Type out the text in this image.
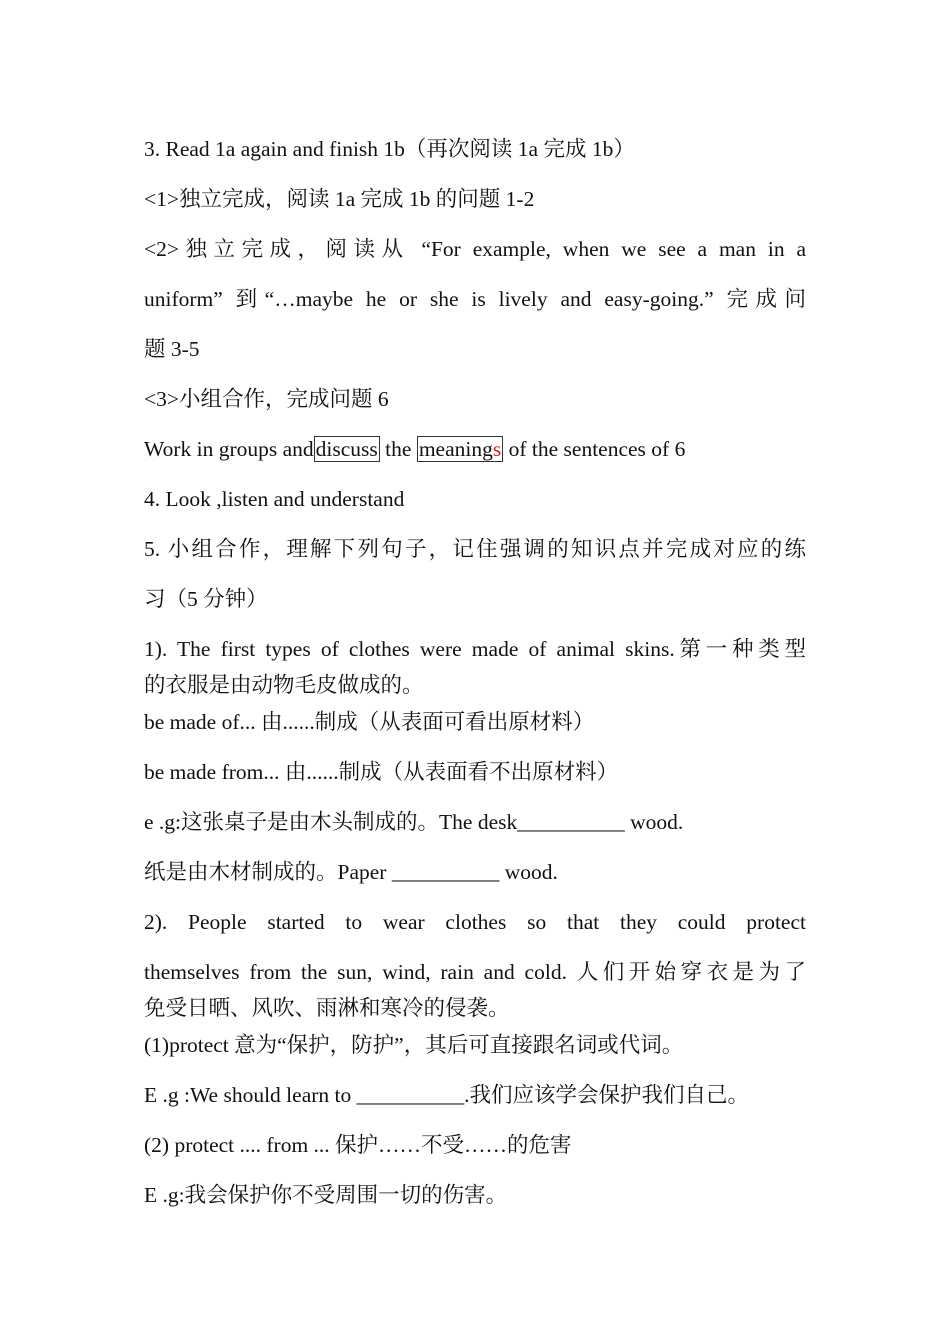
3. Read 1a again and finish 1b（再次阅读 1a 完成 1b）
<1>独立完成，阅读 1a 完成 1b 的问题 1-2
<2>独立完成，阅读从 “For example, when we see a man in a
uniform” 到“…maybe he or she is lively and easy-going.” 完成问
题 3-5
<3>小组合作，完成问题 6
Work in groups anddiscuss the meanings of the sentences of 6
4. Look ,listen and understand
5. 小组合作，理解下列句子，记住强调的知识点并完成对应的练
习（5 分钟）
1). The first types of clothes were made of animal skins.第一种类型
的衣服是由动物毛皮做成的。
be made of... 由......制成（从表面可看出原材料）
be made from... 由......制成（从表面看不出原材料）
e .g:这张桌子是由木头制成的。The desk__________ wood.
纸是由木材制成的。Paper __________ wood.
2). People started to wear clothes so that they could protect
themselves from the sun, wind, rain and cold. 人们开始穿衣是为了
免受日晒、风吹、雨淋和寒冷的侵袭。
(1)protect 意为“保护，防护”，其后可直接跟名词或代词。
E .g :We should learn to __________.我们应该学会保护我们自己。
(2) protect .... from ... 保护……不受……的危害
E .g:我会保护你不受周围一切的伤害。
